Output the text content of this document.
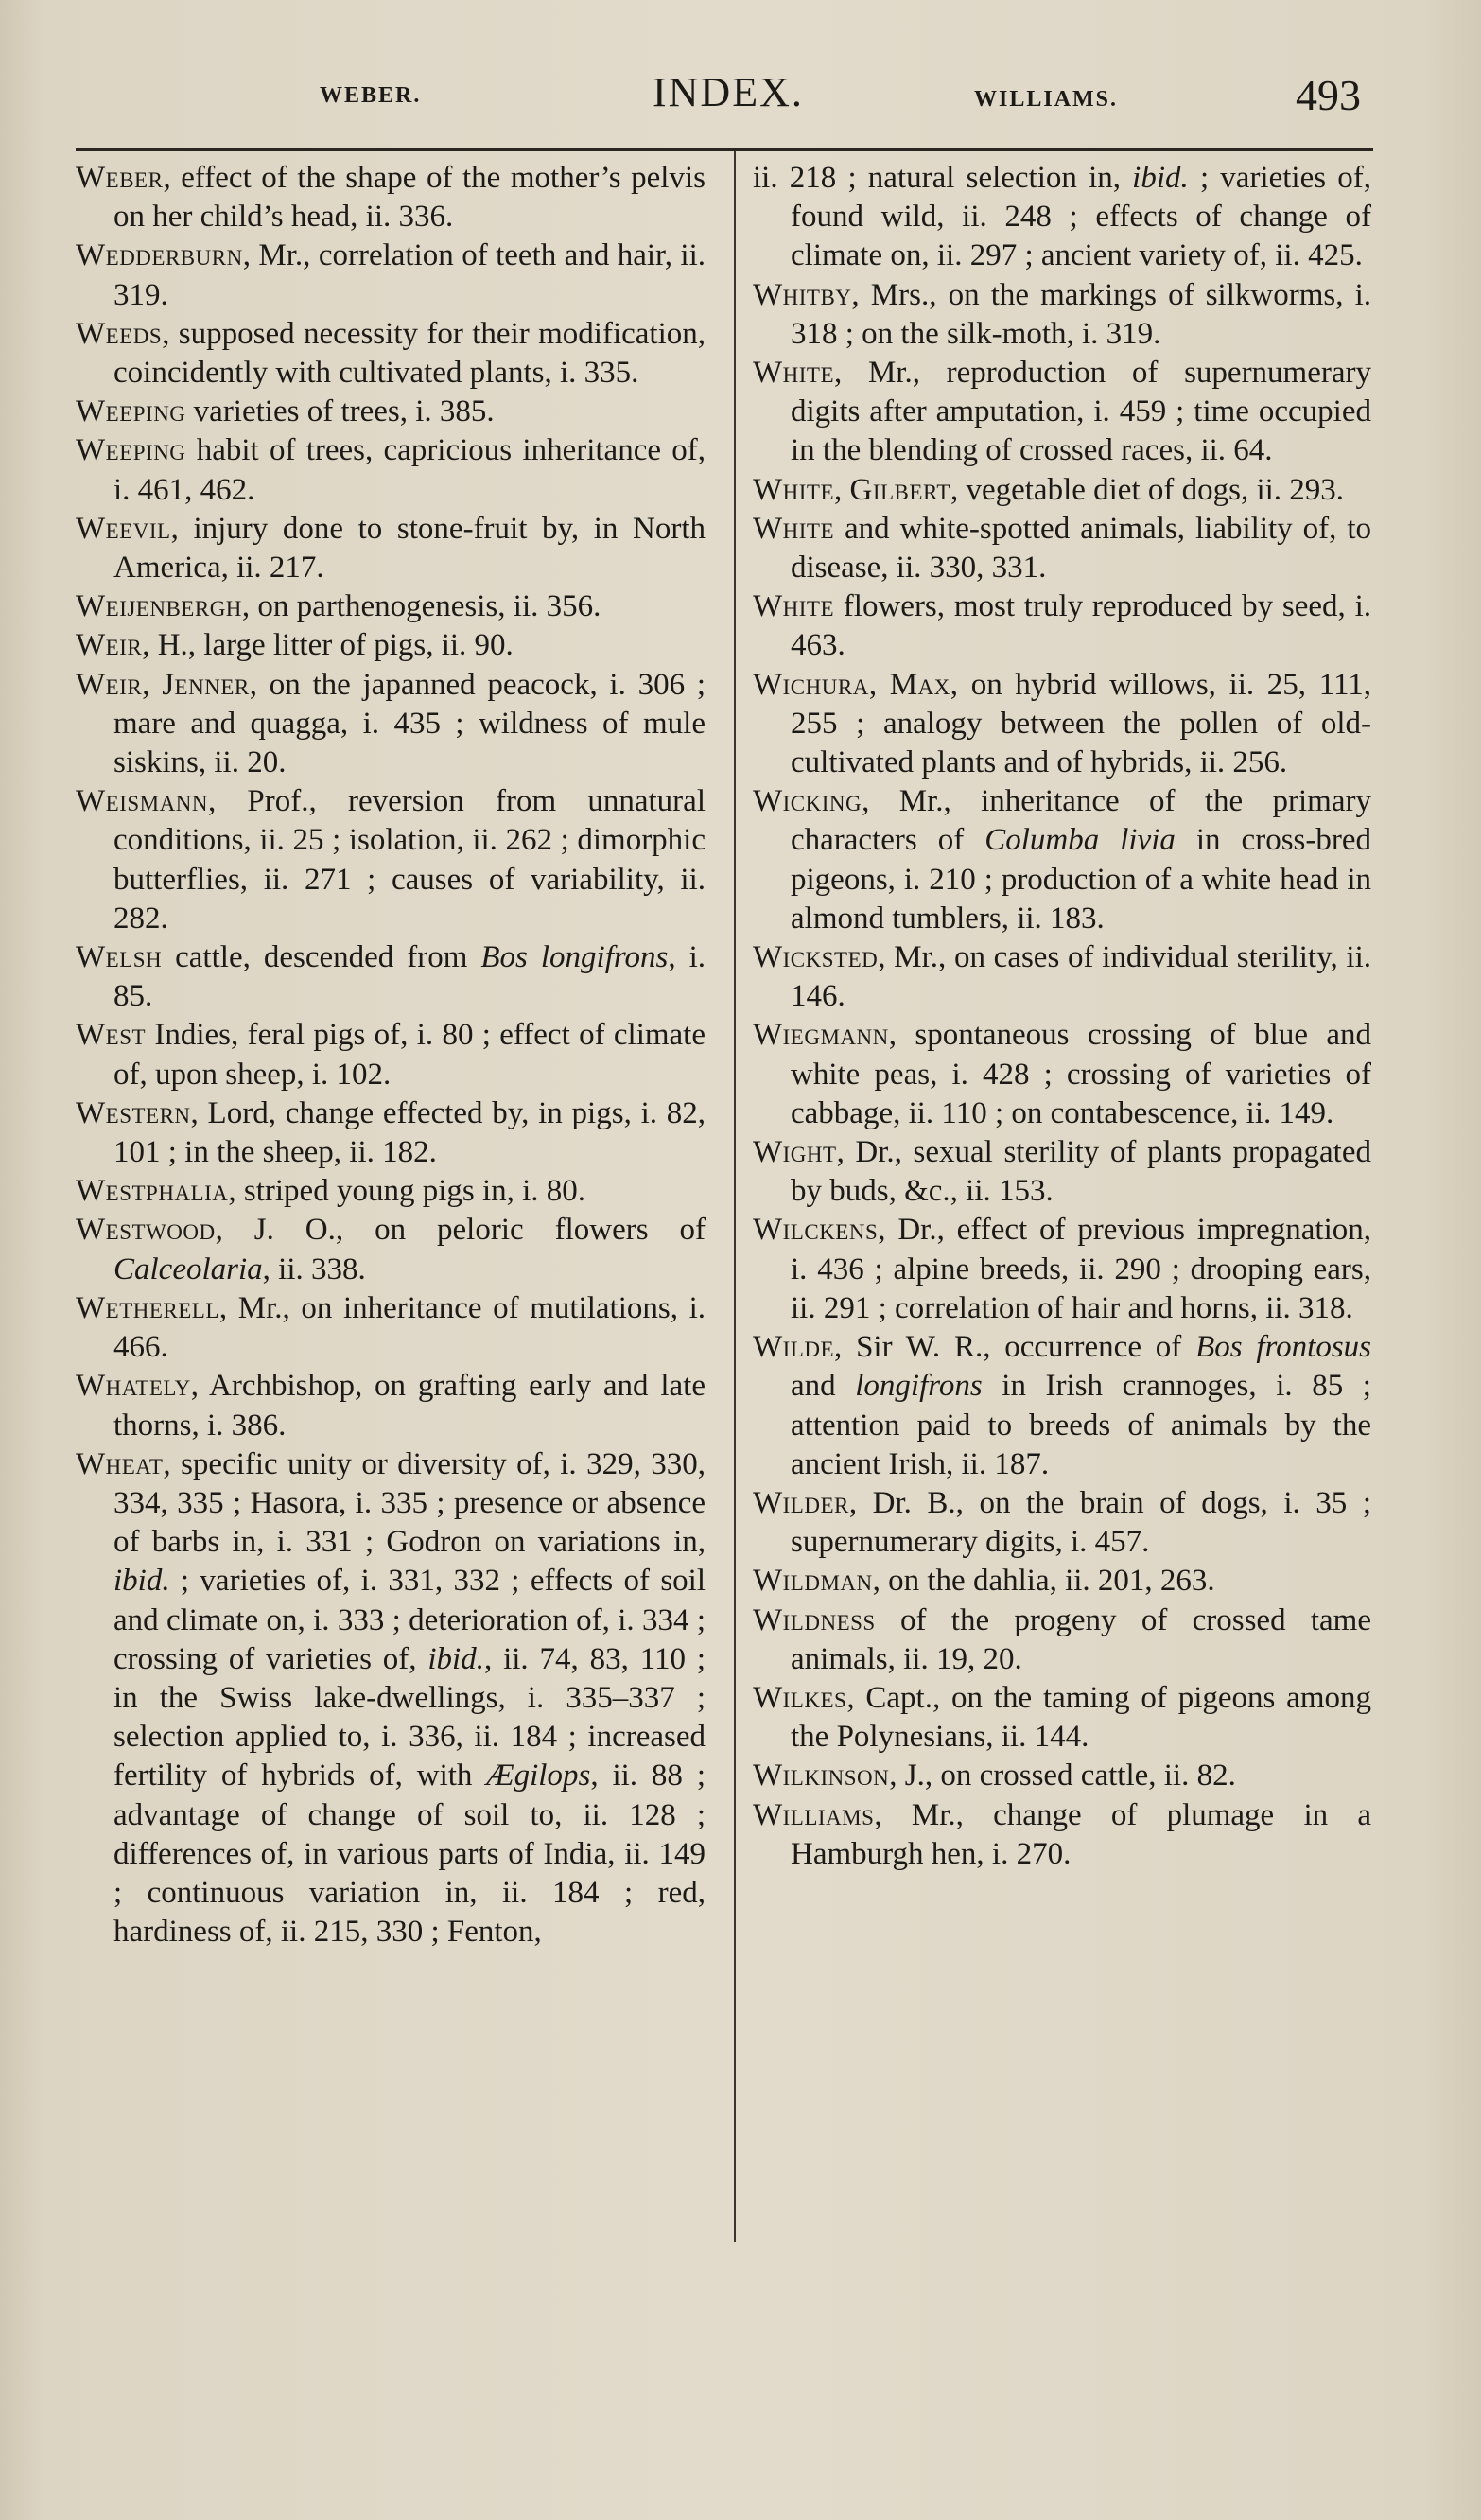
WEBER.	INDEX.	WILLIAMS.	493
Weber, effect of the shape of the mother’s pelvis on her child’s head, ii. 336.
Wedderburn, Mr., correlation of teeth and hair, ii. 319.
Weeds, supposed necessity for their modification, coincidently with cultivated plants, i. 335.
Weeping varieties of trees, i. 385.
Weeping habit of trees, capricious inheritance of, i. 461, 462.
Weevil, injury done to stone-fruit by, in North America, ii. 217.
Weijenbergh, on parthenogenesis, ii. 356.
Weir, H., large litter of pigs, ii. 90.
Weir, Jenner, on the japanned peacock, i. 306 ; mare and quagga, i. 435 ; wildness of mule siskins, ii. 20.
Weismann, Prof., reversion from unnatural conditions, ii. 25 ; isolation, ii. 262 ; dimorphic butterflies, ii. 271 ; causes of variability, ii. 282.
Welsh cattle, descended from Bos longifrons, i. 85.
West Indies, feral pigs of, i. 80 ; effect of climate of, upon sheep, i. 102.
Western, Lord, change effected by, in pigs, i. 82, 101 ; in the sheep, ii. 182.
Westphalia, striped young pigs in, i. 80.
Westwood, J. O., on peloric flowers of Calceolaria, ii. 338.
Wetherell, Mr., on inheritance of mutilations, i. 466.
Whately, Archbishop, on grafting early and late thorns, i. 386.
Wheat, specific unity or diversity of, i. 329, 330, 334, 335 ; Hasora, i. 335 ; presence or absence of barbs in, i. 331 ; Godron on variations in, ibid. ; varieties of, i. 331, 332 ; effects of soil and climate on, i. 333 ; deterioration of, i. 334 ; crossing of varieties of, ibid., ii. 74, 83, 110 ; in the Swiss lake-dwellings, i. 335–337 ; selection applied to, i. 336, ii. 184 ; increased fertility of hybrids of, with Ægilops, ii. 88 ; advantage of change of soil to, ii. 128 ; differences of, in various parts of India, ii. 149 ; continuous variation in, ii. 184 ; red, hardiness of, ii. 215, 330 ; Fenton,
ii. 218 ; natural selection in, ibid. ; varieties of, found wild, ii. 248 ; effects of change of climate on, ii. 297 ; ancient variety of, ii. 425.
Whitby, Mrs., on the markings of silkworms, i. 318 ; on the silk-moth, i. 319.
White, Mr., reproduction of supernumerary digits after amputation, i. 459 ; time occupied in the blending of crossed races, ii. 64.
White, Gilbert, vegetable diet of dogs, ii. 293.
White and white-spotted animals, liability of, to disease, ii. 330, 331.
White flowers, most truly reproduced by seed, i. 463.
Wichura, Max, on hybrid willows, ii. 25, 111, 255 ; analogy between the pollen of old-cultivated plants and of hybrids, ii. 256.
Wicking, Mr., inheritance of the primary characters of Columba livia in cross-bred pigeons, i. 210 ; production of a white head in almond tumblers, ii. 183.
Wicksted, Mr., on cases of individual sterility, ii. 146.
Wiegmann, spontaneous crossing of blue and white peas, i. 428 ; crossing of varieties of cabbage, ii. 110 ; on contabescence, ii. 149.
Wight, Dr., sexual sterility of plants propagated by buds, &c., ii. 153.
Wilckens, Dr., effect of previous impregnation, i. 436 ; alpine breeds, ii. 290 ; drooping ears, ii. 291 ; correlation of hair and horns, ii. 318.
Wilde, Sir W. R., occurrence of Bos frontosus and longifrons in Irish crannoges, i. 85 ; attention paid to breeds of animals by the ancient Irish, ii. 187.
Wilder, Dr. B., on the brain of dogs, i. 35 ; supernumerary digits, i. 457.
Wildman, on the dahlia, ii. 201, 263.
Wildness of the progeny of crossed tame animals, ii. 19, 20.
Wilkes, Capt., on the taming of pigeons among the Polynesians, ii. 144.
Wilkinson, J., on crossed cattle, ii. 82.
Williams, Mr., change of plumage in a Hamburgh hen, i. 270.
